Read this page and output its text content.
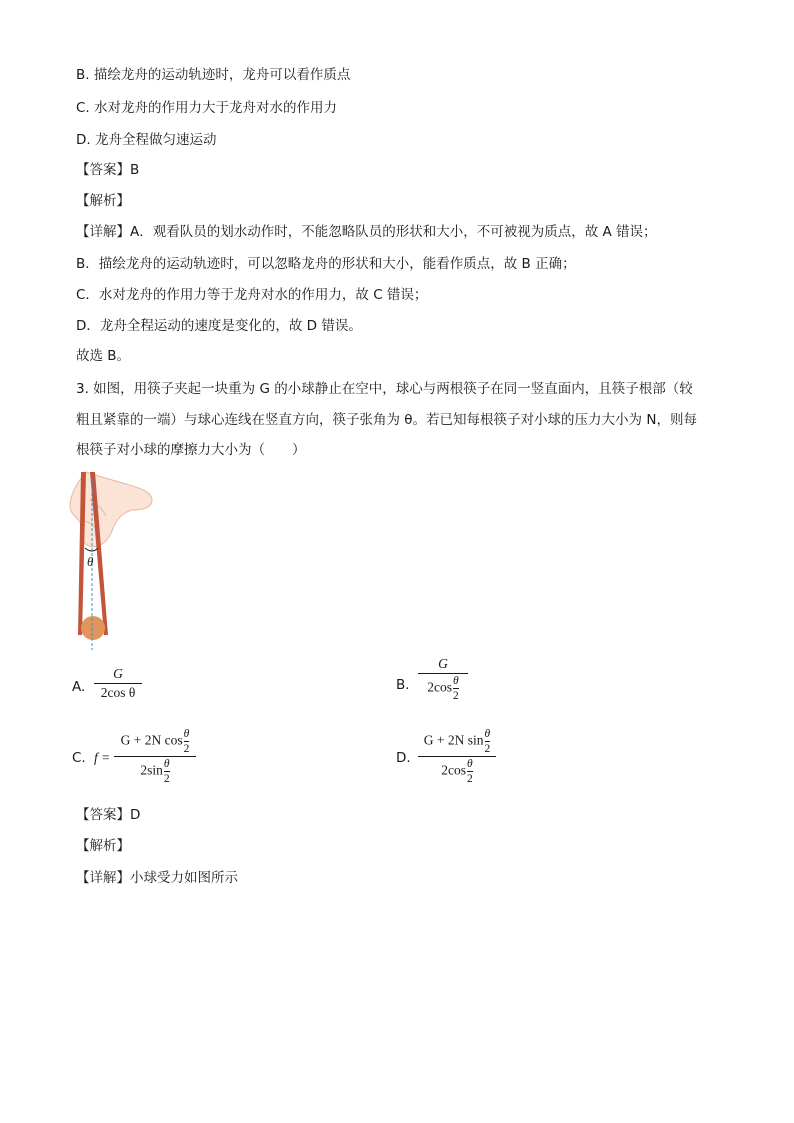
B. 描绘龙舟的运动轨迹时，龙舟可以看作质点
C. 水对龙舟的作用力大于龙舟对水的作用力
D. 龙舟全程做匀速运动
【答案】B
【解析】
【详解】A．观看队员的划水动作时，不能忽略队员的形状和大小，不可被视为质点，故 A 错误；
B．描绘龙舟的运动轨迹时，可以忽略龙舟的形状和大小，能看作质点，故 B 正确；
C．水对龙舟的作用力等于龙舟对水的作用力，故 C 错误；
D．龙舟全程运动的速度是变化的，故 D 错误。
故选 B。
3. 如图，用筷子夹起一块重为 G 的小球静止在空中，球心与两根筷子在同一竖直面内，且筷子根部（较
粗且紧靠的一端）与球心连线在竖直方向，筷子张角为 θ。若已知每根筷子对小球的压力大小为 N，则每
根筷子对小球的摩擦力大小为（　　）
θ
A.
G
2cos θ	B.
G
$2\cos\frac{\theta}{2}$
C. f =
G + 2N $\cos\frac{\theta}{2}$
$2\sin\frac{\theta}{2}$	D.
G + 2N $\sin\frac{\theta}{2}$
$2\cos\frac{\theta}{2}$
【答案】D
【解析】
【详解】小球受力如图所示
